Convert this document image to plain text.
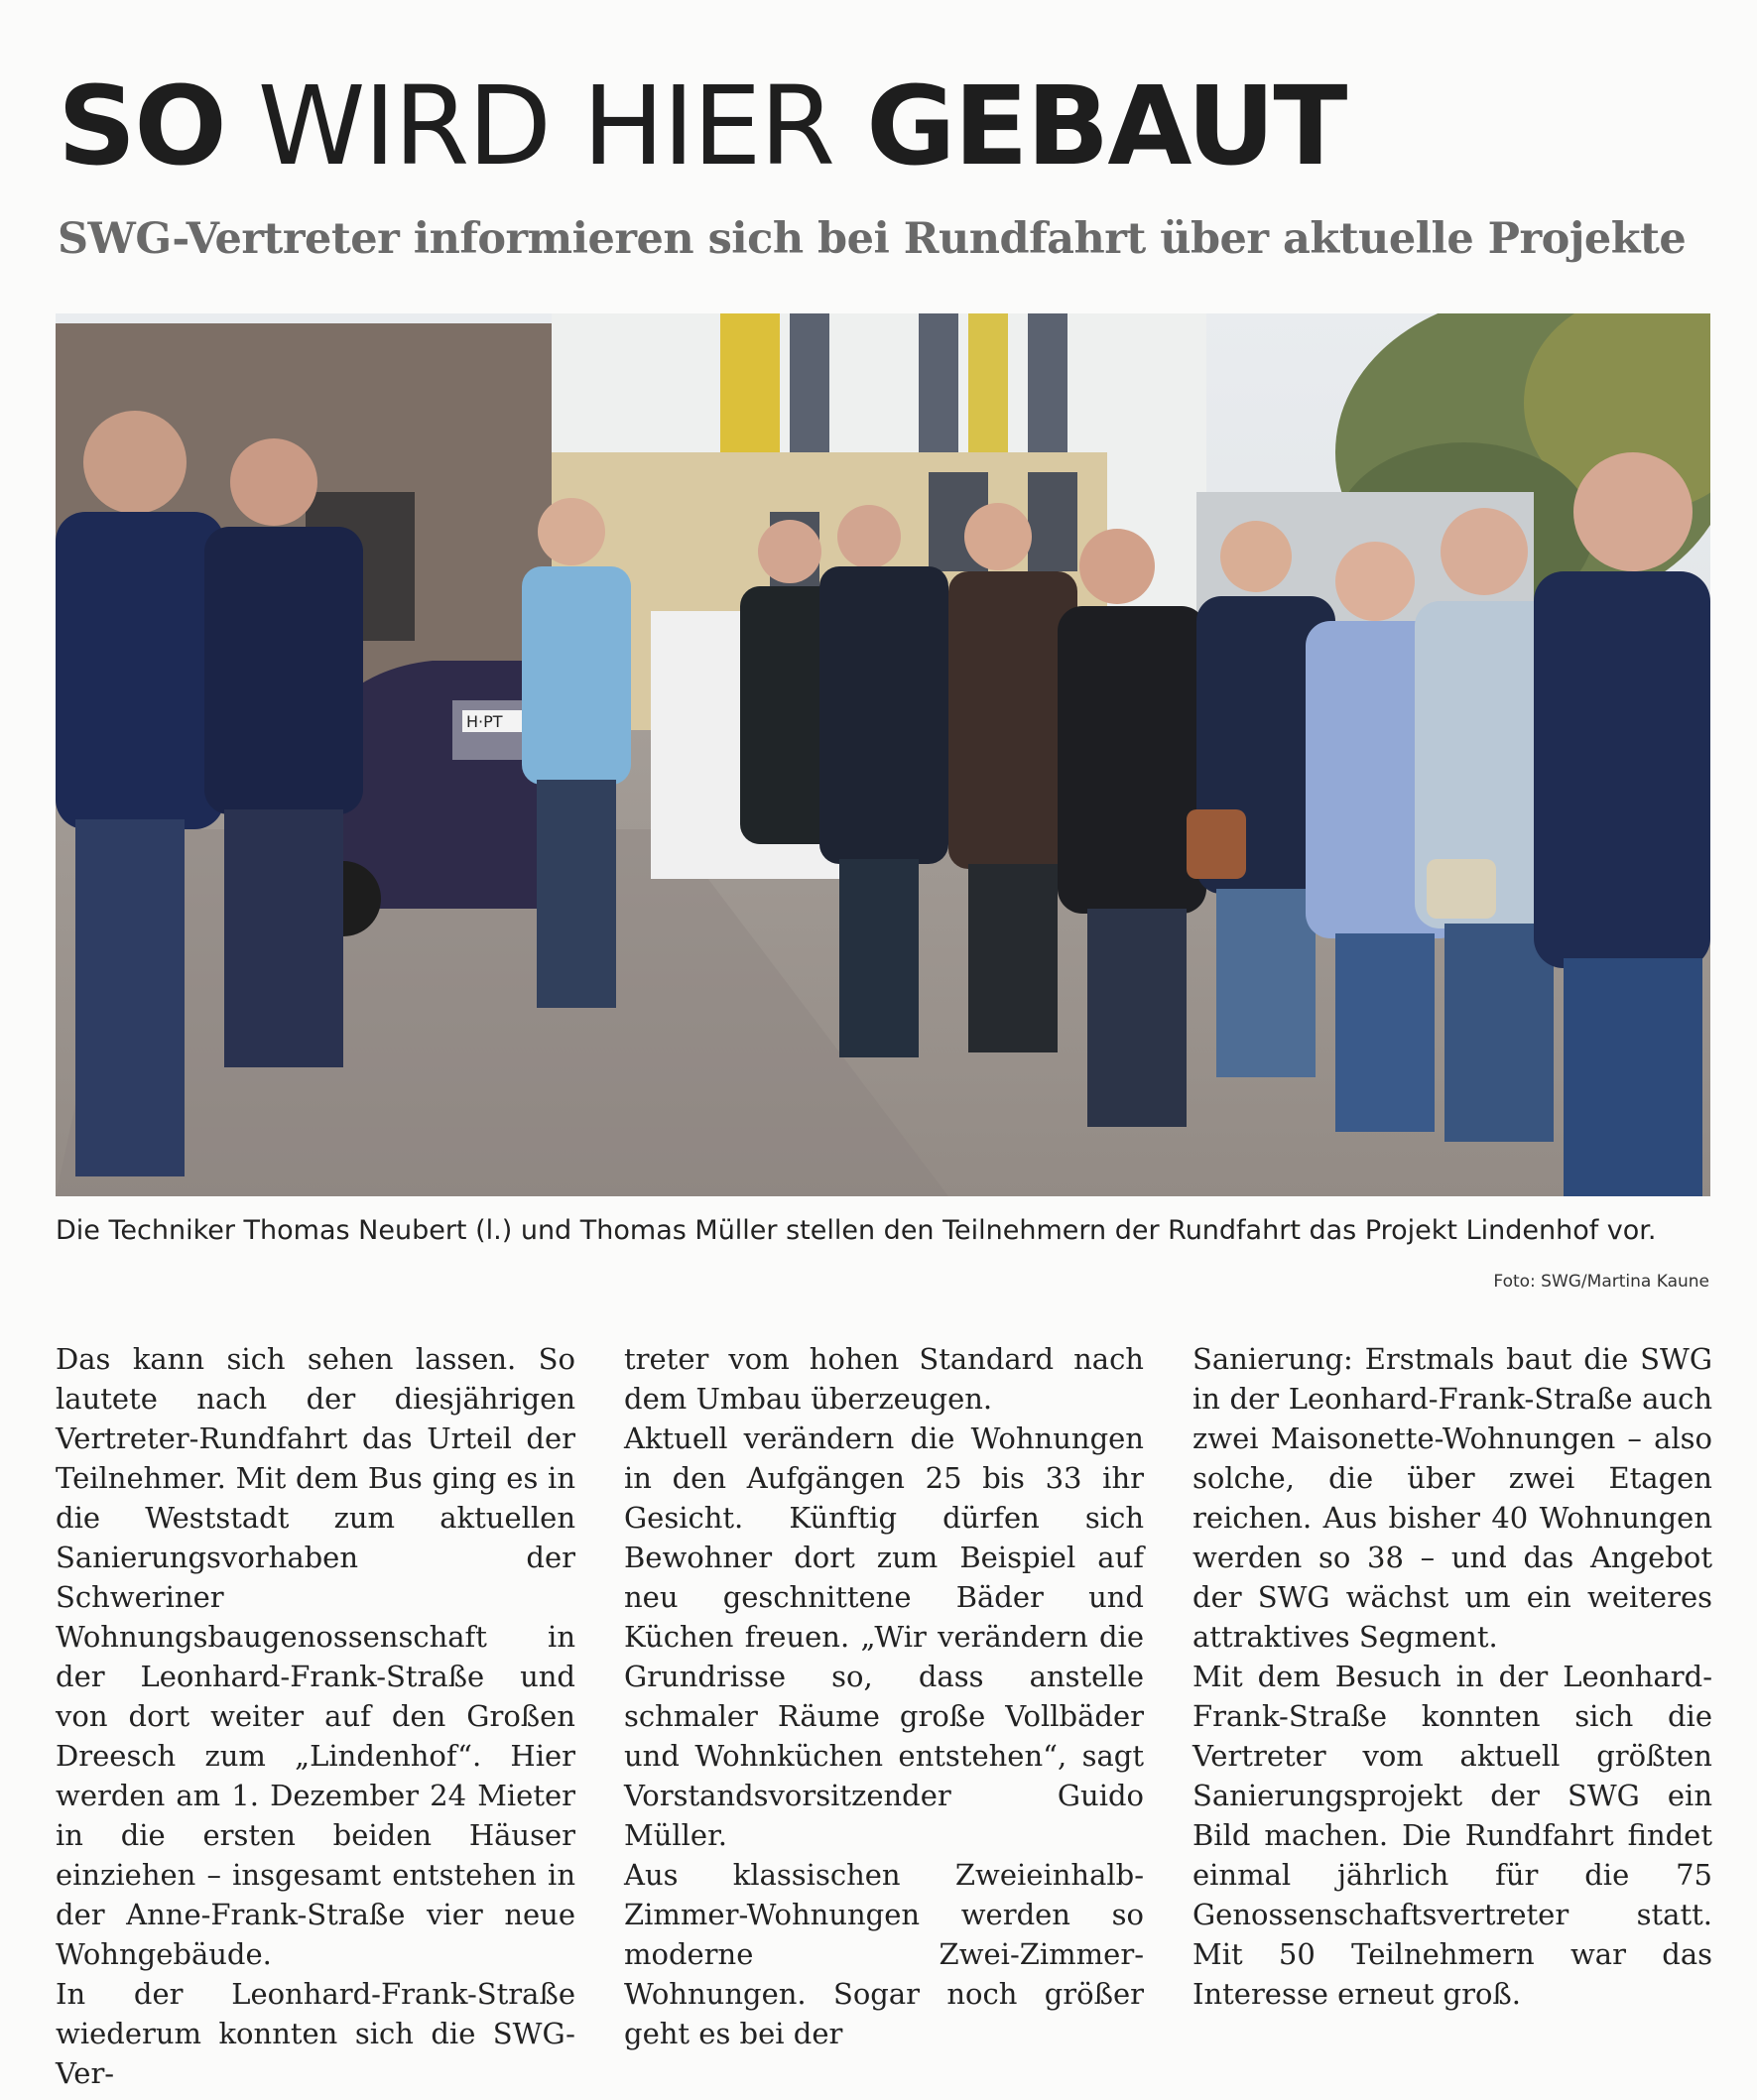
SO WIRD HIER GEBAUT
SWG-Vertreter informieren sich bei Rundfahrt über aktuelle Projekte
H·PT
Die Techniker Thomas Neubert (l.) und Thomas Müller stellen den Teilnehmern der Rundfahrt das Projekt Lindenhof vor.
Foto: SWG/Martina Kaune

Das kann sich sehen lassen. So lautete nach der diesjährigen Vertreter-Rundfahrt das Urteil der Teilnehmer. Mit dem Bus ging es in die Weststadt zum aktuellen Sanierungsvorhaben der Schweriner Wohnungsbaugenossenschaft in der Leonhard-Frank-Straße und von dort weiter auf den Großen Dreesch zum „Lindenhof“. Hier werden am 1. Dezember 24 Mieter in die ersten beiden Häuser einziehen – insgesamt entstehen in der Anne-Frank-Straße vier neue Wohngebäude.

In der Leonhard-Frank-Straße wiederum konnten sich die SWG-Ver-

treter vom hohen Standard nach dem Umbau überzeugen.

Aktuell verändern die Wohnungen in den Aufgängen 25 bis 33 ihr Gesicht. Künftig dürfen sich Bewohner dort zum Beispiel auf neu geschnittene Bäder und Küchen freuen. „Wir verändern die Grundrisse so, dass anstelle schmaler Räume große Vollbäder und Wohnküchen entstehen“, sagt Vorstandsvorsitzender Guido Müller.

Aus klassischen Zweieinhalb-Zimmer-Wohnungen werden so moderne Zwei-Zimmer-Wohnungen. Sogar noch größer geht es bei der

Sanierung: Erstmals baut die SWG in der Leonhard-Frank-Straße auch zwei Maisonette-Wohnungen – also solche, die über zwei Etagen reichen. Aus bisher 40 Wohnungen werden so 38 – und das Angebot der SWG wächst um ein weiteres attraktives Segment.

Mit dem Besuch in der Leonhard-Frank-Straße konnten sich die Vertreter vom aktuell größten Sanierungsprojekt der SWG ein Bild machen. Die Rundfahrt findet einmal jährlich für die 75 Genossenschaftsvertreter statt. Mit 50 Teilnehmern war das Interesse erneut groß.
